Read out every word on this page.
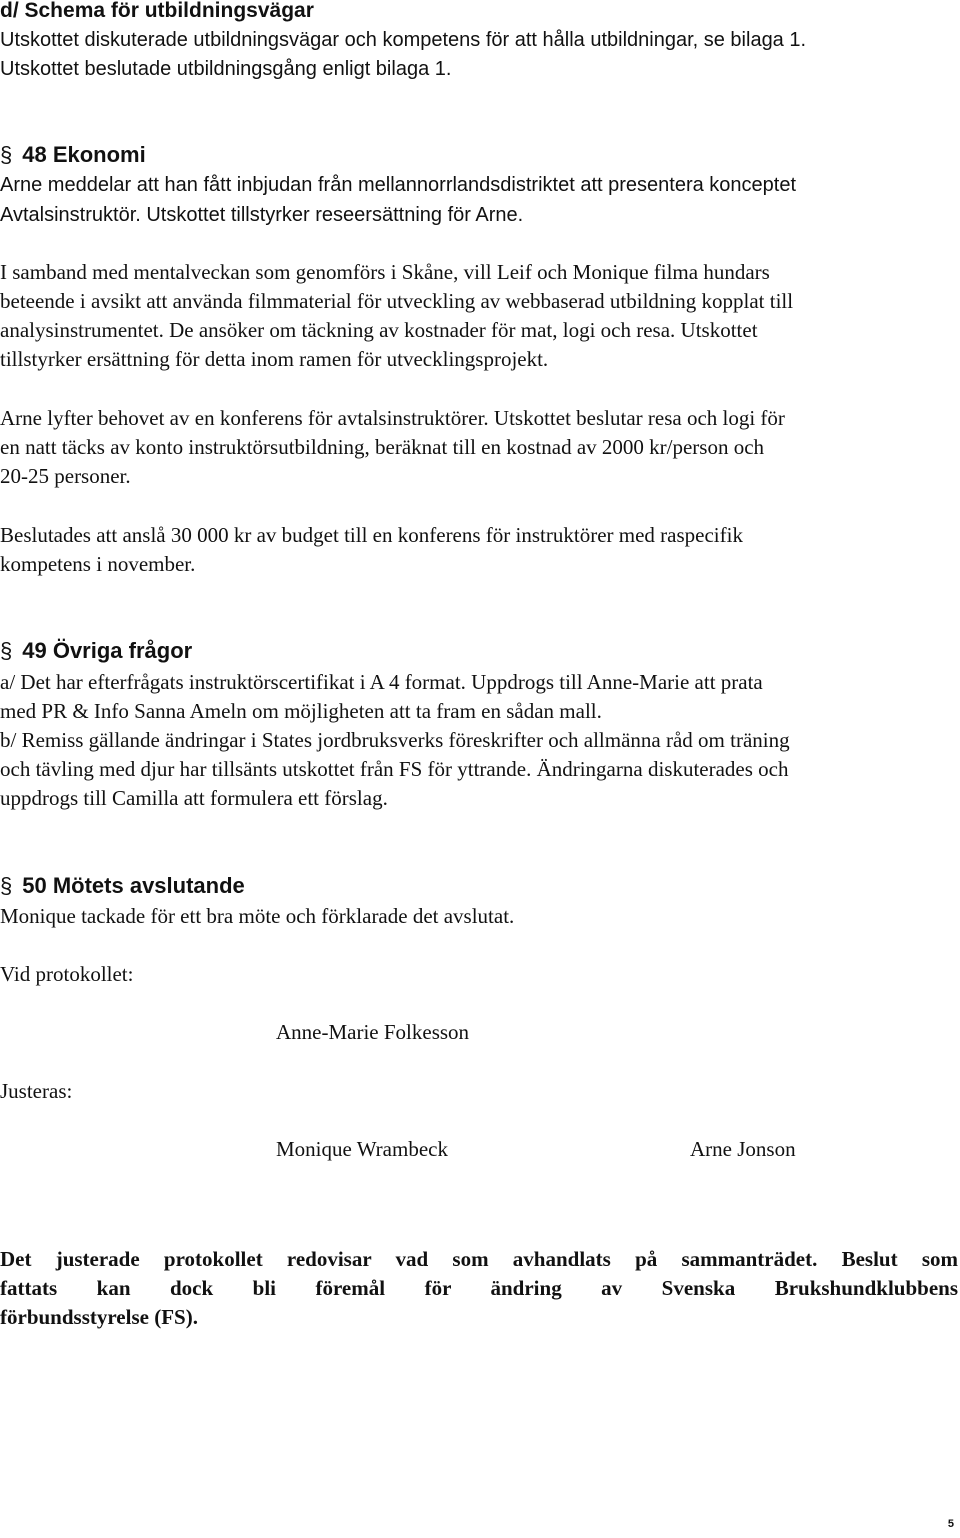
d/ Schema för utbildningsvägar
Utskottet diskuterade utbildningsvägar och kompetens för att hålla utbildningar, se bilaga 1.
Utskottet beslutade utbildningsgång enligt bilaga 1.
§ 48 Ekonomi
Arne meddelar att han fått inbjudan från mellannorrlandsdistriktet att presentera konceptet
Avtalsinstruktör. Utskottet tillstyrker reseersättning för Arne.
I samband med mentalveckan som genomförs i Skåne, vill Leif och Monique filma hundars
beteende i avsikt att använda filmmaterial för utveckling av webbaserad utbildning kopplat till
analysinstrumentet. De ansöker om täckning av kostnader för mat, logi och resa. Utskottet
tillstyrker ersättning för detta inom ramen för utvecklingsprojekt.
Arne lyfter behovet av en konferens för avtalsinstruktörer. Utskottet beslutar resa och logi för
en natt täcks av konto instruktörsutbildning, beräknat till en kostnad av 2000 kr/person och
20-25 personer.
Beslutades att anslå 30 000 kr av budget till en konferens för instruktörer med raspecifik
kompetens i november.
§ 49 Övriga frågor
a/ Det har efterfrågats instruktörscertifikat i A 4 format. Uppdrogs till Anne-Marie att prata
med PR & Info Sanna Ameln om möjligheten att ta fram en sådan mall.
b/ Remiss gällande ändringar i States jordbruksverks föreskrifter och allmänna råd om träning
och tävling med djur har tillsänts utskottet från FS för yttrande. Ändringarna diskuterades och
uppdrogs till Camilla att formulera ett förslag.
§ 50 Mötets avslutande
Monique tackade för ett bra möte och förklarade det avslutat.
Vid protokollet:
Anne-Marie Folkesson
Justeras:
Monique Wrambeck	Arne Jonson
Det justerade protokollet redovisar vad som avhandlats på sammanträdet. Beslut som
fattats kan dock bli föremål för ändring av Svenska Brukshundklubbens
förbundsstyrelse (FS).
5
